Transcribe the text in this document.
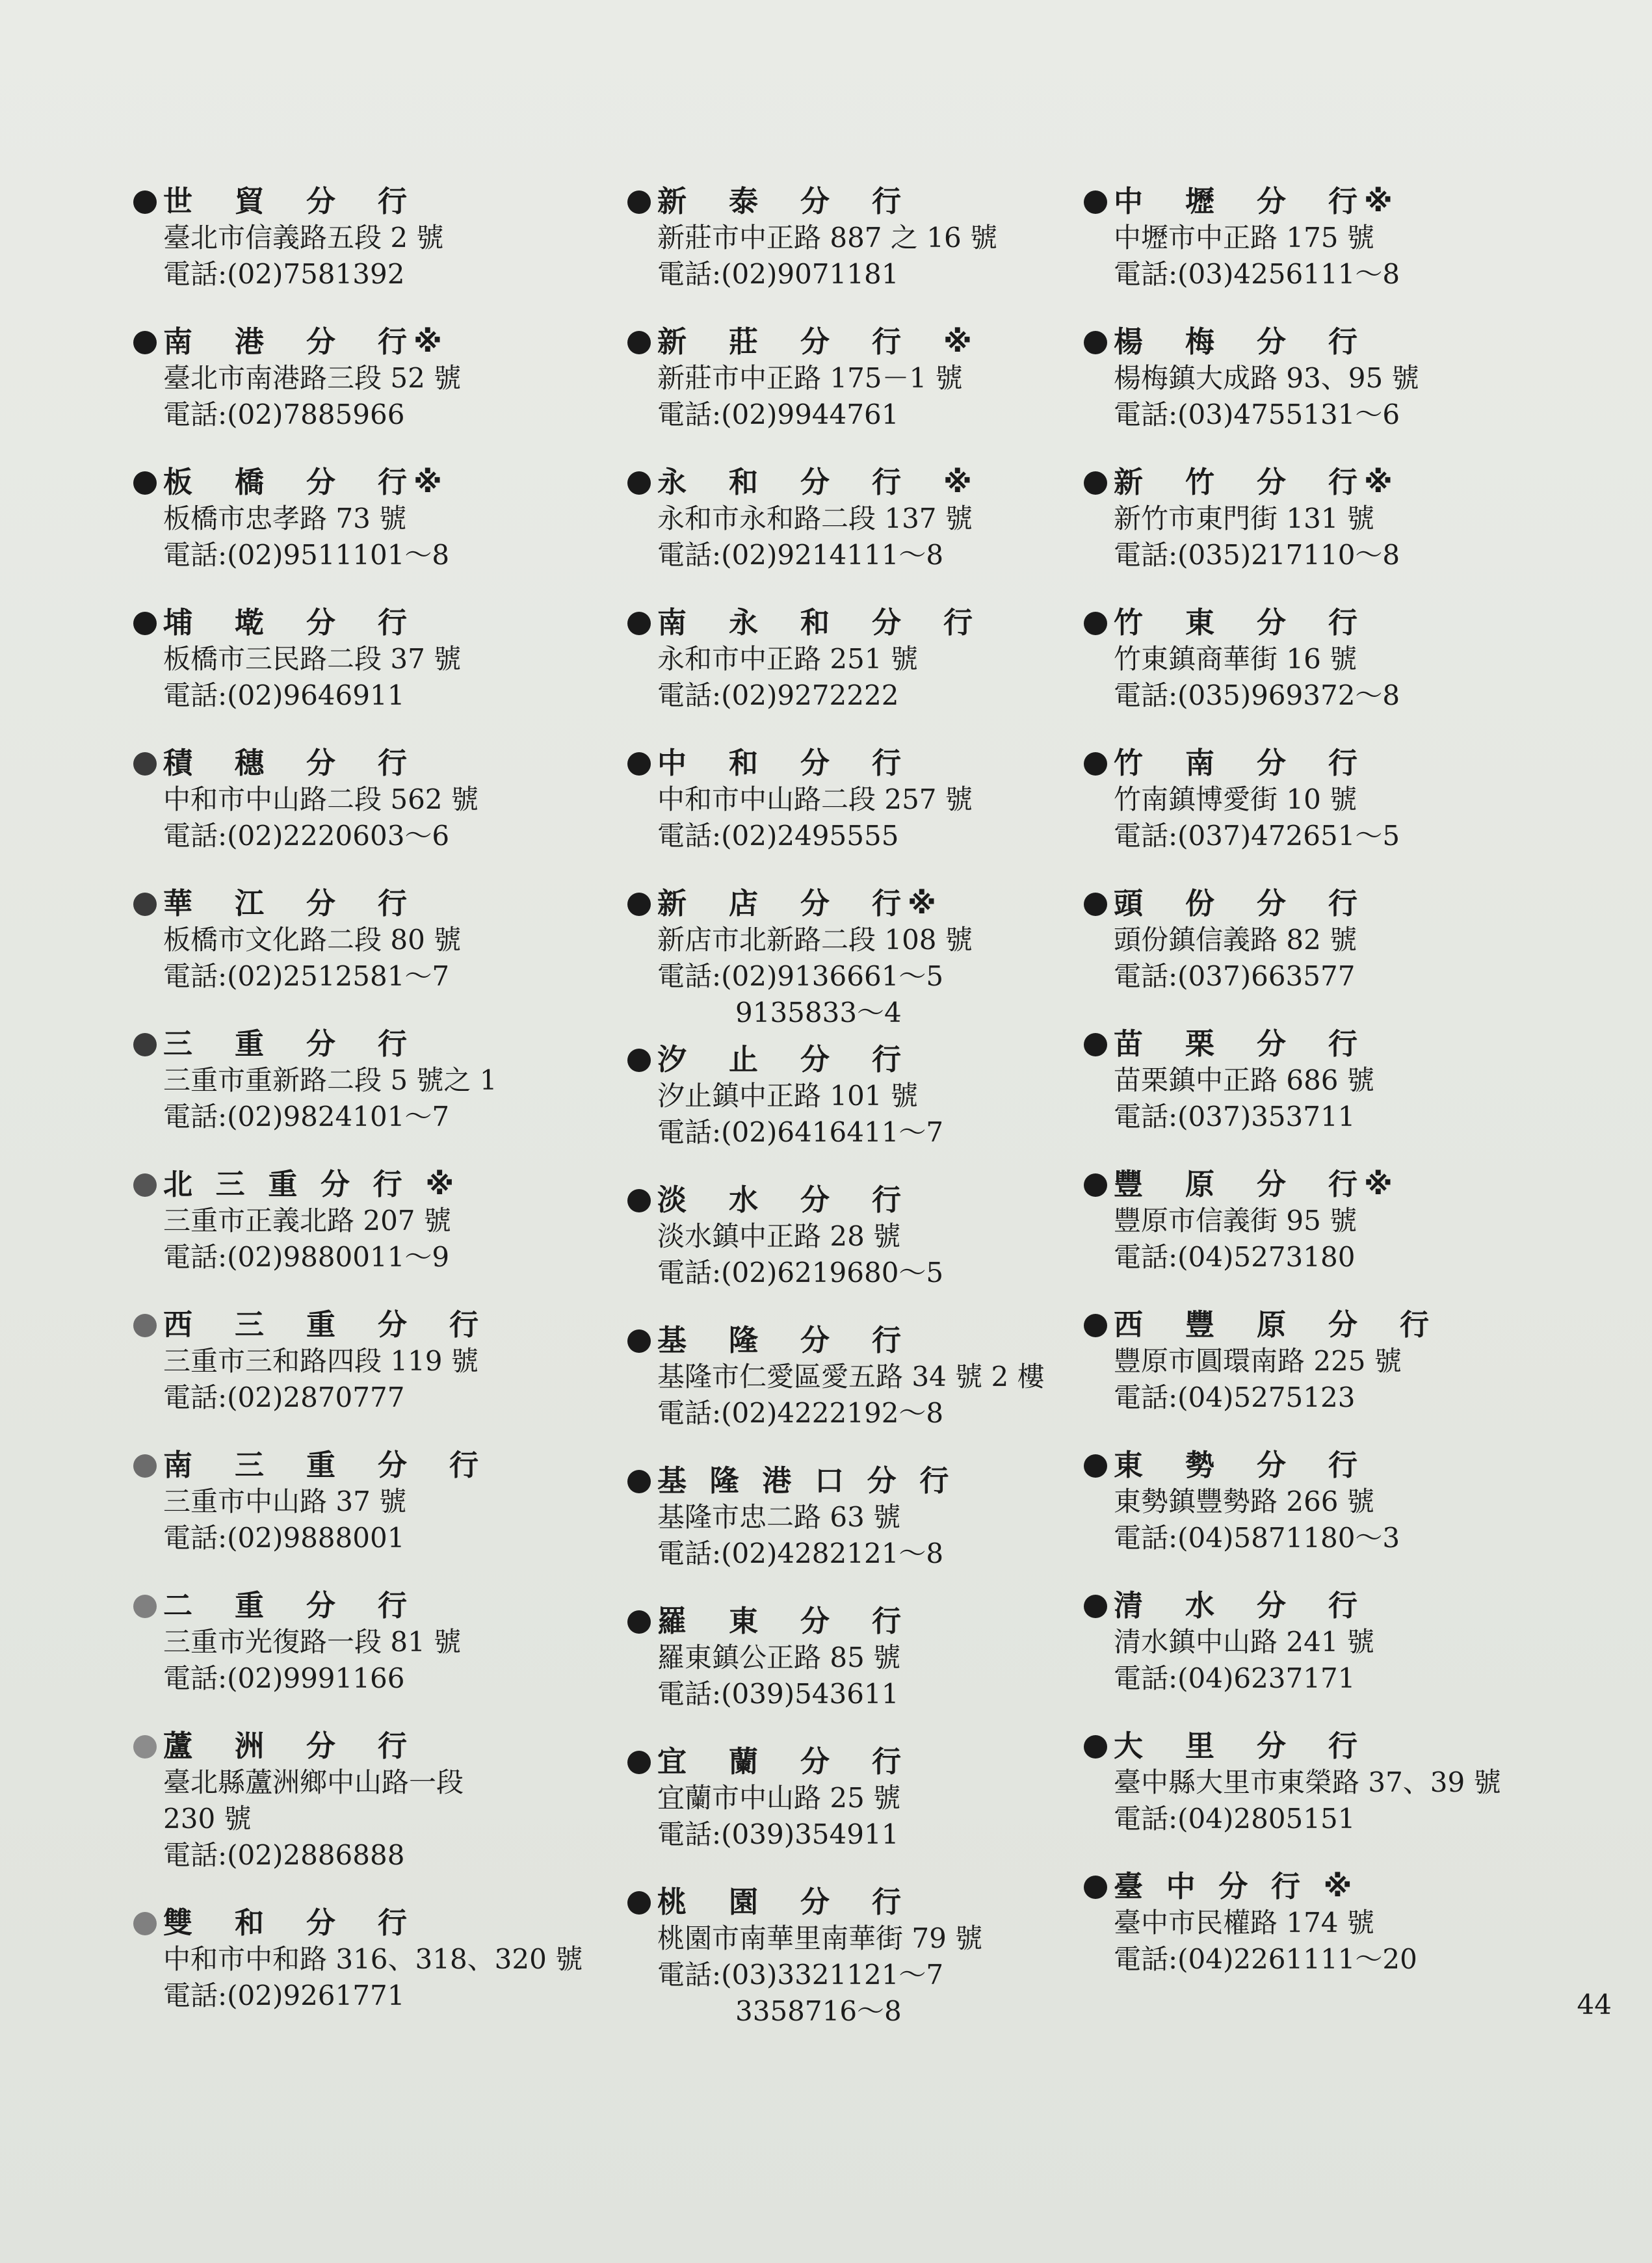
世　貿　分　行
臺北市信義路五段 2 號
電話:(02)7581392
南　港　分　行※
臺北市南港路三段 52 號
電話:(02)7885966
板　橋　分　行※
板橋市忠孝路 73 號
電話:(02)9511101～8
埔　墘　分　行
板橋市三民路二段 37 號
電話:(02)9646911
積　穗　分　行
中和市中山路二段 562 號
電話:(02)2220603～6
華　江　分　行
板橋市文化路二段 80 號
電話:(02)2512581～7
三　重　分　行
三重市重新路二段 5 號之 1
電話:(02)9824101～7
北 三 重 分 行 ※
三重市正義北路 207 號
電話:(02)9880011～9
西　三　重　分　行
三重市三和路四段 119 號
電話:(02)2870777
南　三　重　分　行
三重市中山路 37 號
電話:(02)9888001
二　重　分　行
三重市光復路一段 81 號
電話:(02)9991166
蘆　洲　分　行
臺北縣蘆洲鄉中山路一段
230 號
電話:(02)2886888
雙　和　分　行
中和市中和路 316、318、320 號
電話:(02)9261771
新　泰　分　行
新莊市中正路 887 之 16 號
電話:(02)9071181
新　莊　分　行　※
新莊市中正路 175－1 號
電話:(02)9944761
永　和　分　行　※
永和市永和路二段 137 號
電話:(02)9214111～8
南　永　和　分　行
永和市中正路 251 號
電話:(02)9272222
中　和　分　行
中和市中山路二段 257 號
電話:(02)2495555
新　店　分　行※
新店市北新路二段 108 號
電話:(02)9136661～5
9135833～4
汐　止　分　行
汐止鎮中正路 101 號
電話:(02)6416411～7
淡　水　分　行
淡水鎮中正路 28 號
電話:(02)6219680～5
基　隆　分　行
基隆市仁愛區愛五路 34 號 2 樓
電話:(02)4222192～8
基 隆 港 口 分 行
基隆市忠二路 63 號
電話:(02)4282121～8
羅　東　分　行
羅東鎮公正路 85 號
電話:(039)543611
宜　蘭　分　行
宜蘭市中山路 25 號
電話:(039)354911
桃　園　分　行
桃園市南華里南華街 79 號
電話:(03)3321121～7
3358716～8
中　壢　分　行※
中壢市中正路 175 號
電話:(03)4256111～8
楊　梅　分　行
楊梅鎮大成路 93、95 號
電話:(03)4755131～6
新　竹　分　行※
新竹市東門街 131 號
電話:(035)217110～8
竹　東　分　行
竹東鎮商華街 16 號
電話:(035)969372～8
竹　南　分　行
竹南鎮博愛街 10 號
電話:(037)472651～5
頭　份　分　行
頭份鎮信義路 82 號
電話:(037)663577
苗　栗　分　行
苗栗鎮中正路 686 號
電話:(037)353711
豐　原　分　行※
豐原市信義街 95 號
電話:(04)5273180
西　豐　原　分　行
豐原市圓環南路 225 號
電話:(04)5275123
東　勢　分　行
東勢鎮豐勢路 266 號
電話:(04)5871180～3
清　水　分　行
清水鎮中山路 241 號
電話:(04)6237171
大　里　分　行
臺中縣大里市東榮路 37、39 號
電話:(04)2805151
臺 中 分 行 ※
臺中市民權路 174 號
電話:(04)2261111～20
44
